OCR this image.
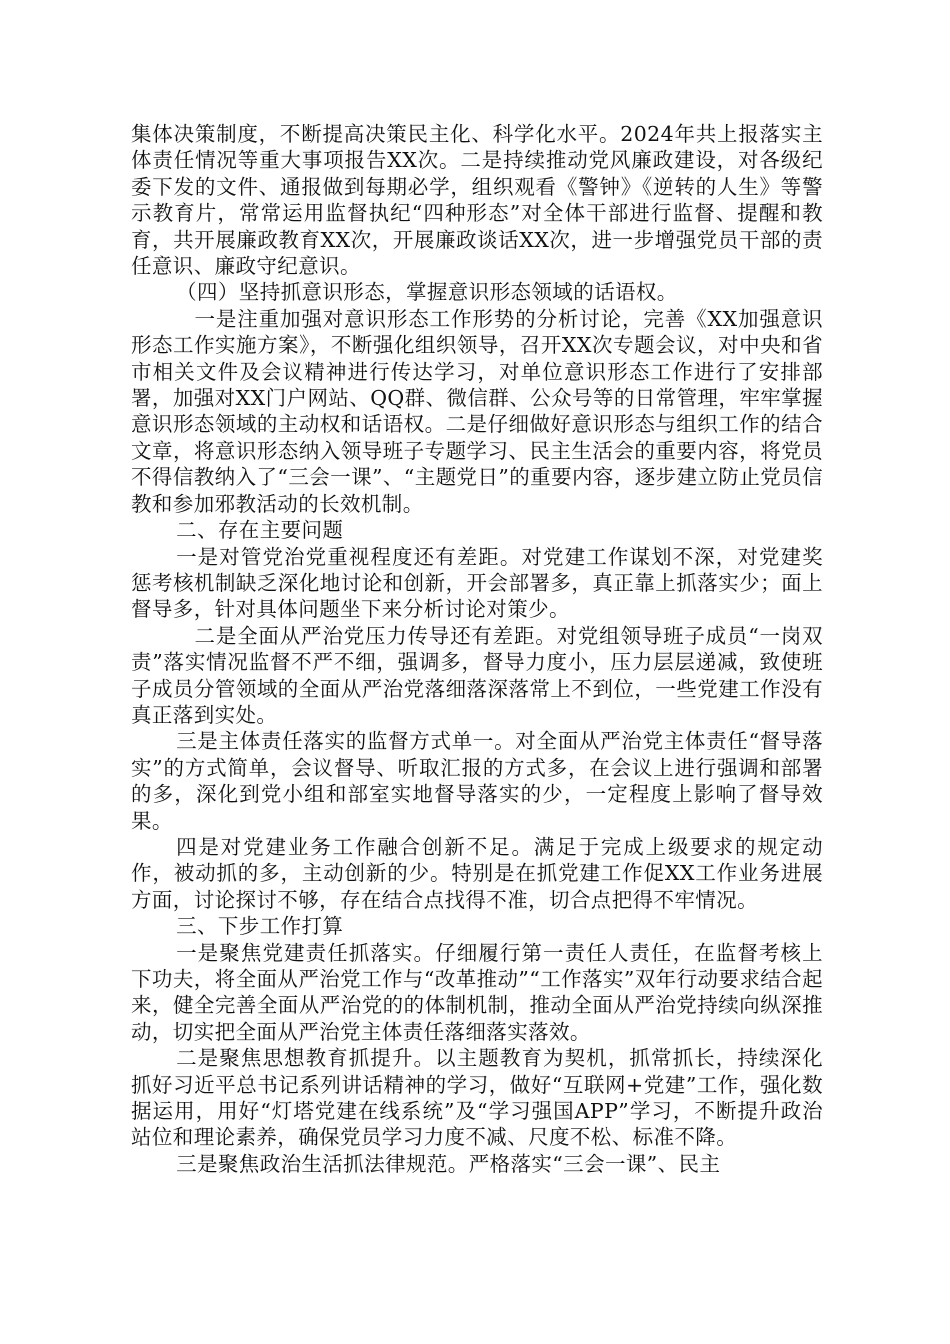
集体决策制度，不断提高决策民主化、科学化水平。2024年共上报落实主体责任情况等重大事项报告XX次。二是持续推动党风廉政建设，对各级纪委下发的文件、通报做到每期必学，组织观看《警钟》《逆转的人生》等警示教育片，常常运用监督执纪“四种形态”对全体干部进行监督、提醒和教育，共开展廉政教育XX次，开展廉政谈话XX次，进一步增强党员干部的责任意识、廉政守纪意识。

（四）坚持抓意识形态，掌握意识形态领域的话语权。

一是注重加强对意识形态工作形势的分析讨论，完善《XX加强意识形态工作实施方案》，不断强化组织领导，召开XX次专题会议，对中央和省市相关文件及会议精神进行传达学习，对单位意识形态工作进行了安排部署，加强对XX门户网站、QQ群、微信群、公众号等的日常管理，牢牢掌握意识形态领域的主动权和话语权。二是仔细做好意识形态与组织工作的结合文章，将意识形态纳入领导班子专题学习、民主生活会的重要内容，将党员不得信教纳入了“三会一课”、“主题党日”的重要内容，逐步建立防止党员信教和参加邪教活动的长效机制。

二、存在主要问题

一是对管党治党重视程度还有差距。对党建工作谋划不深，对党建奖惩考核机制缺乏深化地讨论和创新，开会部署多，真正靠上抓落实少；面上督导多，针对具体问题坐下来分析讨论对策少。

二是全面从严治党压力传导还有差距。对党组领导班子成员“一岗双责”落实情况监督不严不细，强调多，督导力度小，压力层层递减，致使班子成员分管领域的全面从严治党落细落深落常上不到位，一些党建工作没有真正落到实处。

三是主体责任落实的监督方式单一。对全面从严治党主体责任“督导落实”的方式简单，会议督导、听取汇报的方式多，在会议上进行强调和部署的多，深化到党小组和部室实地督导落实的少，一定程度上影响了督导效果。

四是对党建业务工作融合创新不足。满足于完成上级要求的规定动作，被动抓的多，主动创新的少。特别是在抓党建工作促XX工作业务进展方面，讨论探讨不够，存在结合点找得不准，切合点把得不牢情况。

三、下步工作打算

一是聚焦党建责任抓落实。仔细履行第一责任人责任，在监督考核上下功夫，将全面从严治党工作与“改革推动”“工作落实”双年行动要求结合起来，健全完善全面从严治党的的体制机制，推动全面从严治党持续向纵深推动，切实把全面从严治党主体责任落细落实落效。

二是聚焦思想教育抓提升。以主题教育为契机，抓常抓长，持续深化抓好习近平总书记系列讲话精神的学习，做好“互联网+党建”工作，强化数据运用，用好“灯塔党建在线系统”及“学习强国APP”学习，不断提升政治站位和理论素养，确保党员学习力度不减、尺度不松、标准不降。

三是聚焦政治生活抓法律规范。严格落实“三会一课”、民主
